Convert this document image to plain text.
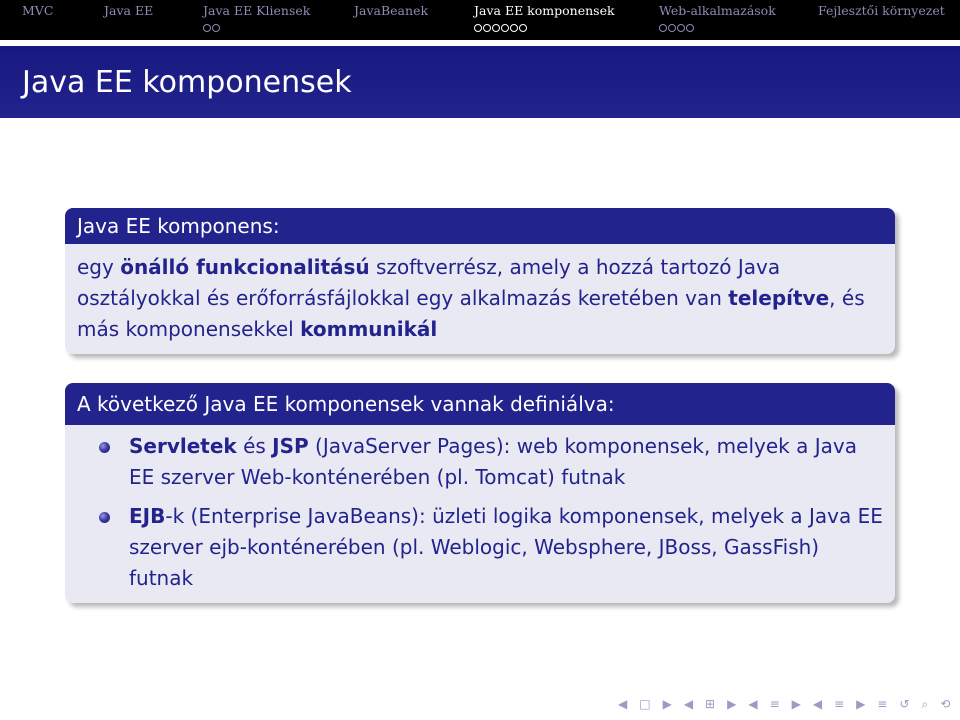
MVC	Java EE	Java EE Kliensek	JavaBeanek	Java EE komponensek	Web-alkalmazások	Fejlesztői környezet
Java EE komponensek
Java EE komponens:
egy önálló funkcionalitású szoftverrész, amely a hozzá tartozó Java osztályokkal és erőforrásfájlokkal egy alkalmazás keretében van telepítve, és más komponensekkel kommunikál
A következő Java EE komponensek vannak definiálva:
Servletek és JSP (JavaServer Pages): web komponensek, melyek a Java EE szerver Web-konténerében (pl. Tomcat) futnak
EJB-k (Enterprise JavaBeans): üzleti logika komponensek, melyek a Java EE szerver ejb-konténerében (pl. Weblogic, Websphere, JBoss, GassFish) futnak
◀ □ ▶ ◀ ⊞ ▶ ◀ ≡ ▶ ◀ ≡ ▶ ≡ ↺ ⌕ ⟲
